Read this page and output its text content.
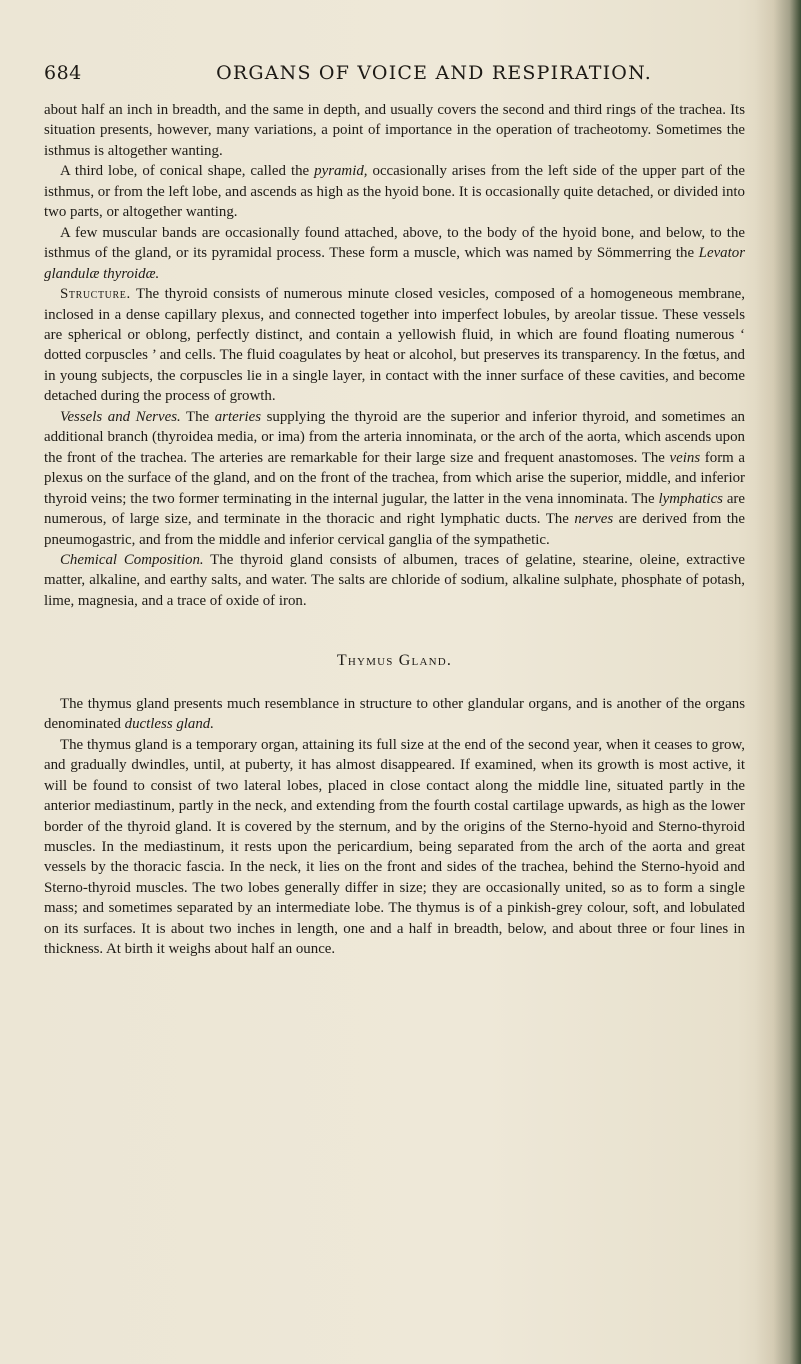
684	ORGANS OF VOICE AND RESPIRATION.

about half an inch in breadth, and the same in depth, and usually covers the second and third rings of the trachea. Its situation presents, however, many variations, a point of importance in the operation of tracheotomy. Sometimes the isthmus is altogether wanting.

A third lobe, of conical shape, called the pyramid, occasionally arises from the left side of the upper part of the isthmus, or from the left lobe, and ascends as high as the hyoid bone. It is occasionally quite detached, or divided into two parts, or altogether wanting.

A few muscular bands are occasionally found attached, above, to the body of the hyoid bone, and below, to the isthmus of the gland, or its pyramidal process. These form a muscle, which was named by Sömmerring the Levator glandulæ thyroidæ.

Structure. The thyroid consists of numerous minute closed vesicles, composed of a homogeneous membrane, inclosed in a dense capillary plexus, and connected together into imperfect lobules, by areolar tissue. These vessels are spherical or oblong, perfectly distinct, and contain a yellowish fluid, in which are found floating numerous ‘ dotted corpuscles ’ and cells. The fluid coagulates by heat or alcohol, but preserves its transparency. In the fœtus, and in young subjects, the corpuscles lie in a single layer, in contact with the inner surface of these cavities, and become detached during the process of growth.

Vessels and Nerves. The arteries supplying the thyroid are the superior and inferior thyroid, and sometimes an additional branch (thyroidea media, or ima) from the arteria innominata, or the arch of the aorta, which ascends upon the front of the trachea. The arteries are remarkable for their large size and frequent anastomoses. The veins form a plexus on the surface of the gland, and on the front of the trachea, from which arise the superior, middle, and inferior thyroid veins; the two former terminating in the internal jugular, the latter in the vena innominata. The lymphatics are numerous, of large size, and terminate in the thoracic and right lymphatic ducts. The nerves are derived from the pneumogastric, and from the middle and inferior cervical ganglia of the sympathetic.

Chemical Composition. The thyroid gland consists of albumen, traces of gelatine, stearine, oleine, extractive matter, alkaline, and earthy salts, and water. The salts are chloride of sodium, alkaline sulphate, phosphate of potash, lime, magnesia, and a trace of oxide of iron.

Thymus Gland.

The thymus gland presents much resemblance in structure to other glandular organs, and is another of the organs denominated ductless gland.

The thymus gland is a temporary organ, attaining its full size at the end of the second year, when it ceases to grow, and gradually dwindles, until, at puberty, it has almost disappeared. If examined, when its growth is most active, it will be found to consist of two lateral lobes, placed in close contact along the middle line, situated partly in the anterior mediastinum, partly in the neck, and extending from the fourth costal cartilage upwards, as high as the lower border of the thyroid gland. It is covered by the sternum, and by the origins of the Sterno-hyoid and Sterno-thyroid muscles. In the mediastinum, it rests upon the pericardium, being separated from the arch of the aorta and great vessels by the thoracic fascia. In the neck, it lies on the front and sides of the trachea, behind the Sterno-hyoid and Sterno-thyroid muscles. The two lobes generally differ in size; they are occasionally united, so as to form a single mass; and sometimes separated by an intermediate lobe. The thymus is of a pinkish-grey colour, soft, and lobulated on its surfaces. It is about two inches in length, one and a half in breadth, below, and about three or four lines in thickness. At birth it weighs about half an ounce.
